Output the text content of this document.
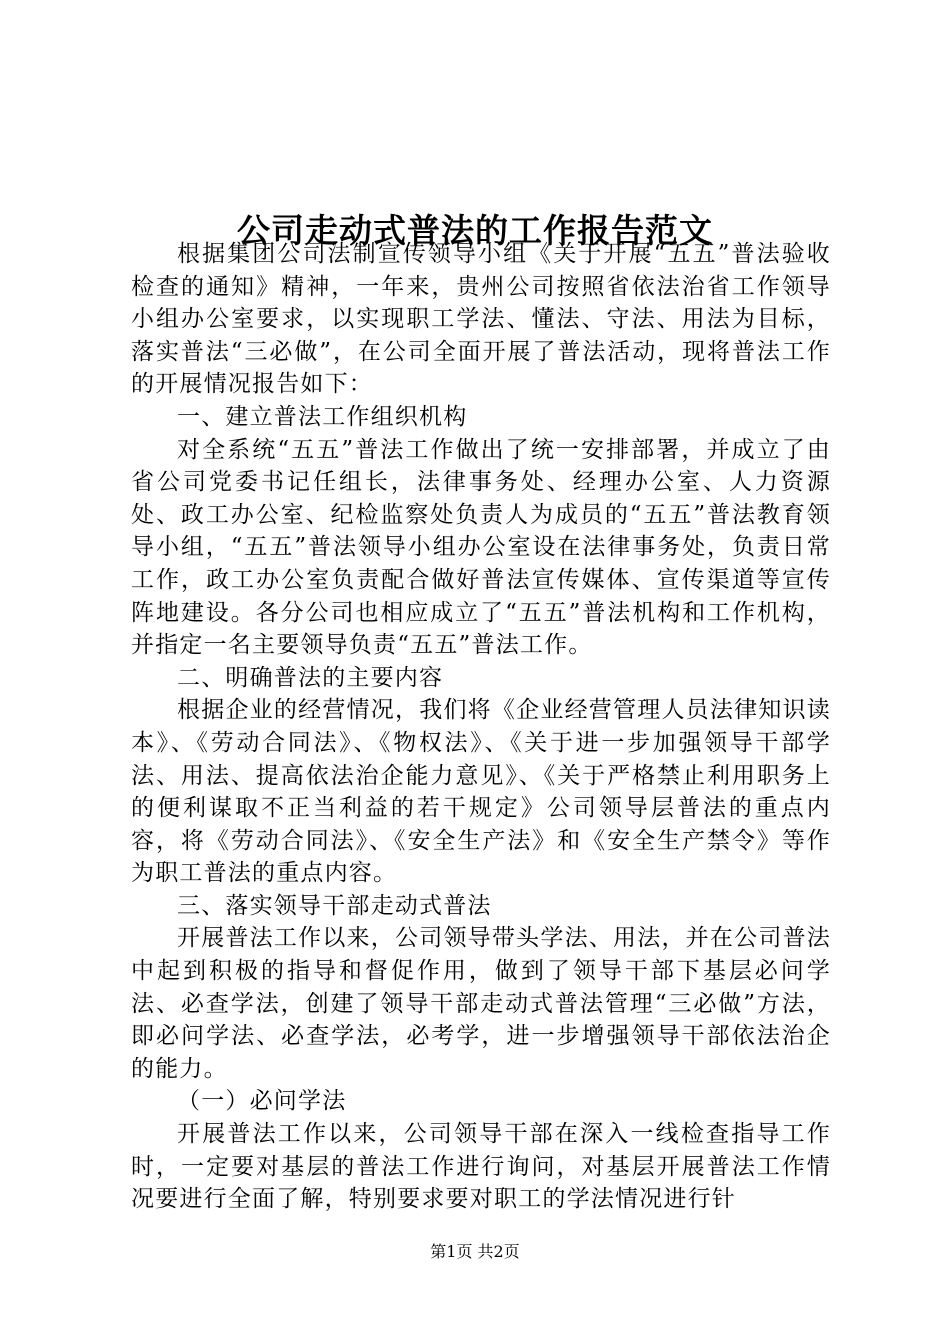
公司走动式普法的工作报告范文

根据集团公司法制宣传领导小组《关于开展“五五”普法验收检查的通知》精神，一年来，贵州公司按照省依法治省工作领导小组办公室要求，以实现职工学法、懂法、守法、用法为目标，落实普法“三必做”，在公司全面开展了普法活动，现将普法工作的开展情况报告如下：

一、建立普法工作组织机构

对全系统“五五”普法工作做出了统一安排部署，并成立了由省公司党委书记任组长，法律事务处、经理办公室、人力资源处、政工办公室、纪检监察处负责人为成员的“五五”普法教育领导小组，“五五”普法领导小组办公室设在法律事务处，负责日常工作，政工办公室负责配合做好普法宣传媒体、宣传渠道等宣传阵地建设。各分公司也相应成立了“五五”普法机构和工作机构，并指定一名主要领导负责“五五”普法工作。

二、明确普法的主要内容

根据企业的经营情况，我们将《企业经营管理人员法律知识读本》、《劳动合同法》、《物权法》、《关于进一步加强领导干部学法、用法、提高依法治企能力意见》、《关于严格禁止利用职务上的便利谋取不正当利益的若干规定》公司领导层普法的重点内容，将《劳动合同法》、《安全生产法》和《安全生产禁令》等作为职工普法的重点内容。

三、落实领导干部走动式普法

开展普法工作以来，公司领导带头学法、用法，并在公司普法中起到积极的指导和督促作用，做到了领导干部下基层必问学法、必查学法，创建了领导干部走动式普法管理“三必做”方法，即必问学法、必查学法，必考学，进一步增强领导干部依法治企的能力。

（一）必问学法

开展普法工作以来，公司领导干部在深入一线检查指导工作时，一定要对基层的普法工作进行询问，对基层开展普法工作情况要进行全面了解，特别要求要对职工的学法情况进行针

第1页 共2页
